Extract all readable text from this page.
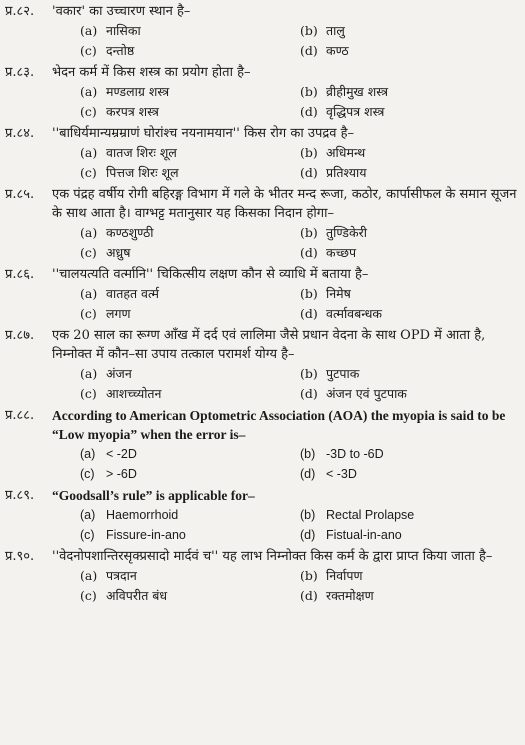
प्र.८२.	'वकार' का उच्चारण स्थान है–
(a) नासिका	(b) तालु
(c) दन्तोष्ठ	(d) कण्ठ
प्र.८३.	भेदन कर्म में किस शस्त्र का प्रयोग होता है–
(a) मण्डलाग्र शस्त्र	(b) व्रीहीमुख शस्त्र
(c) करपत्र शस्त्र	(d) वृद्धिपत्र शस्त्र
प्र.८४.	''बाधिर्यमान्यम्रम्राणं घोरांश्च नयनामयान'' किस रोग का उपद्रव है–
(a) वातज शिरः शूल	(b) अधिमन्थ
(c) पित्तज शिरः शूल	(d) प्रतिश्याय
प्र.८५.	एक पंद्रह वर्षीय रोगी बहिरङ्ग विभाग में गले के भीतर मन्द रूजा, कठोर, कार्पासीफल के समान सूजन के साथ आता है। वाग्भट्ट मतानुसार यह किसका निदान होगा–
(a) कण्ठशुण्ठी	(b) तुण्डिकेरी
(c) अध्रुष	(d) कच्छप
प्र.८६.	''चालयत्यति वर्त्मानि'' चिकित्सीय लक्षण कौन से व्याधि में बताया है–
(a) वातहत वर्त्म	(b) निमेष
(c) लगण	(d) वर्त्मावबन्धक
प्र.८७.	एक 20 साल का रूग्ण आँख में दर्द एवं लालिमा जैसे प्रधान वेदना के साथ OPD में आता है, निम्नोक्त में कौन–सा उपाय तत्काल परामर्श योग्य है–
(a) अंजन	(b) पुटपाक
(c) आशच्च्योतन	(d) अंजन एवं पुटपाक
प्र.८८.	According to American Optometric Association (AOA) the myopia is said to be “Low myopia” when the error is–
(a) < -2D	(b) -3D to -6D
(c) > -6D	(d) < -3D
प्र.८९.	“Goodsall’s rule” is applicable for–
(a) Haemorrhoid	(b) Rectal Prolapse
(c) Fissure-in-ano	(d) Fistual-in-ano
प्र.९०.	''वेदनोपशान्तिरसृक्प्रसादो मार्दवं च'' यह लाभ निम्नोक्त किस कर्म के द्वारा प्राप्त किया जाता है–
(a) पत्रदान	(b) निर्वापण
(c) अविपरीत बंध	(d) रक्तमोक्षण
